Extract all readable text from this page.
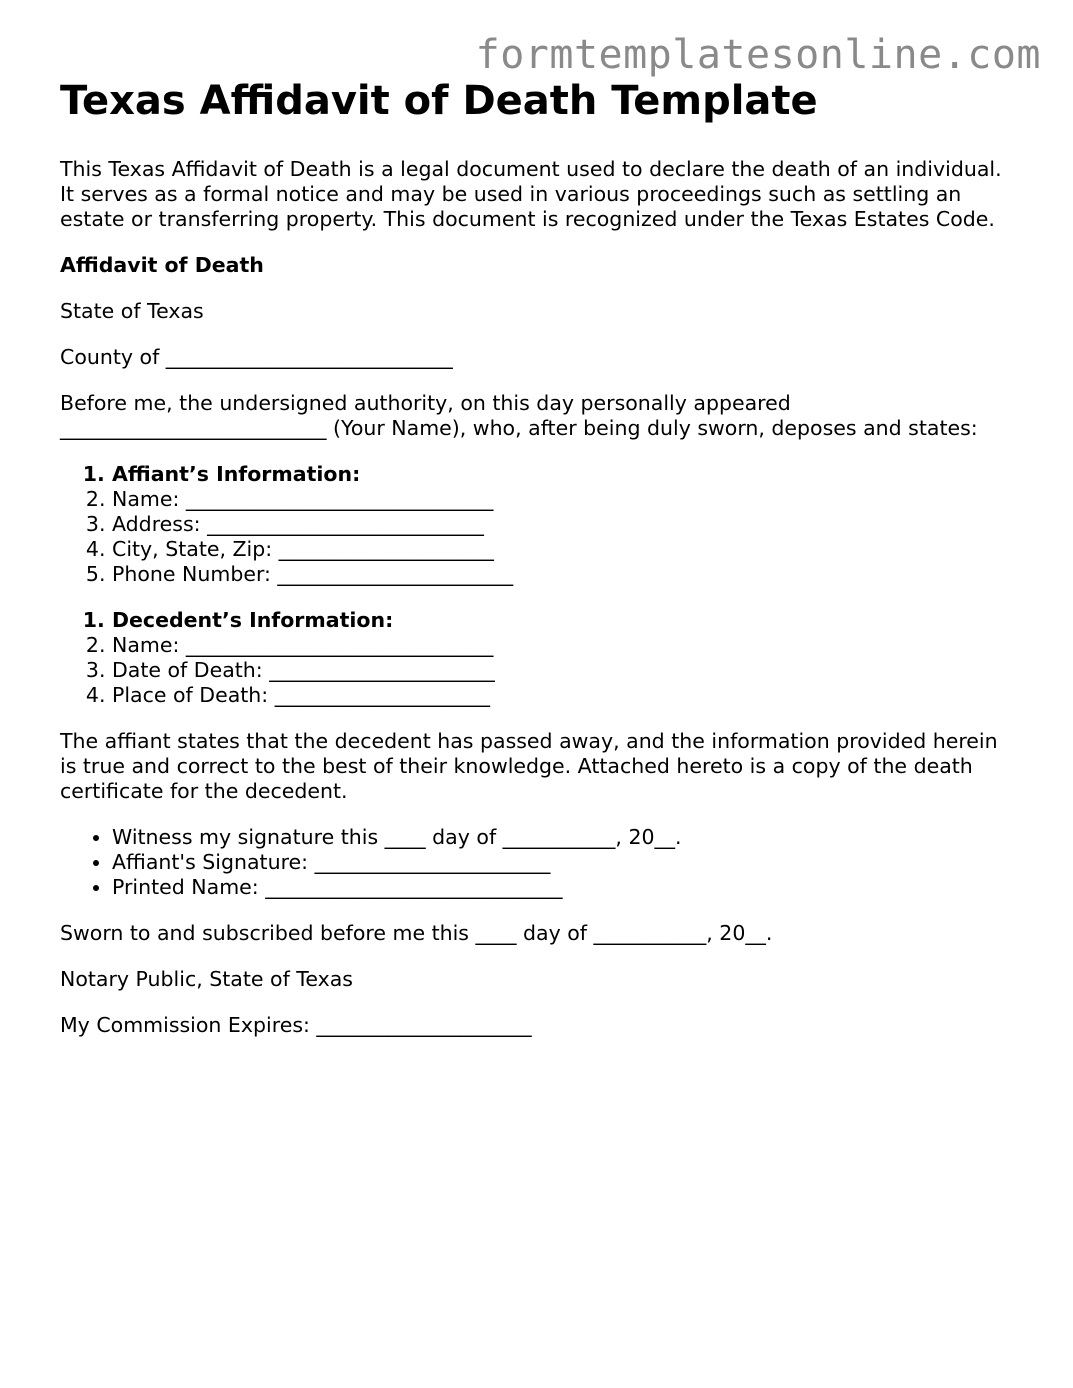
formtemplatesonline.com
Texas Affidavit of Death Template

This Texas Affidavit of Death is a legal document used to declare the death of an individual. It serves as a formal notice and may be used in various proceedings such as settling an estate or transferring property. This document is recognized under the Texas Estates Code.

Affidavit of Death

State of Texas

County of ____________________________

Before me, the undersigned authority, on this day personally appeared
__________________________ (Your Name), who, after being duly sworn, deposes and states:

1. Affiant’s Information:
2. Name: ______________________________
3. Address: ___________________________
4. City, State, Zip: _____________________
5. Phone Number: _______________________
1. Decedent’s Information:
2. Name: ______________________________
3. Date of Death: ______________________
4. Place of Death: _____________________

The affiant states that the decedent has passed away, and the information provided herein is true and correct to the best of their knowledge. Attached hereto is a copy of the death certificate for the decedent.

• Witness my signature this ____ day of ___________, 20__.
• Affiant's Signature: _______________________
• Printed Name: _____________________________

Sworn to and subscribed before me this ____ day of ___________, 20__.

Notary Public, State of Texas

My Commission Expires: _____________________
